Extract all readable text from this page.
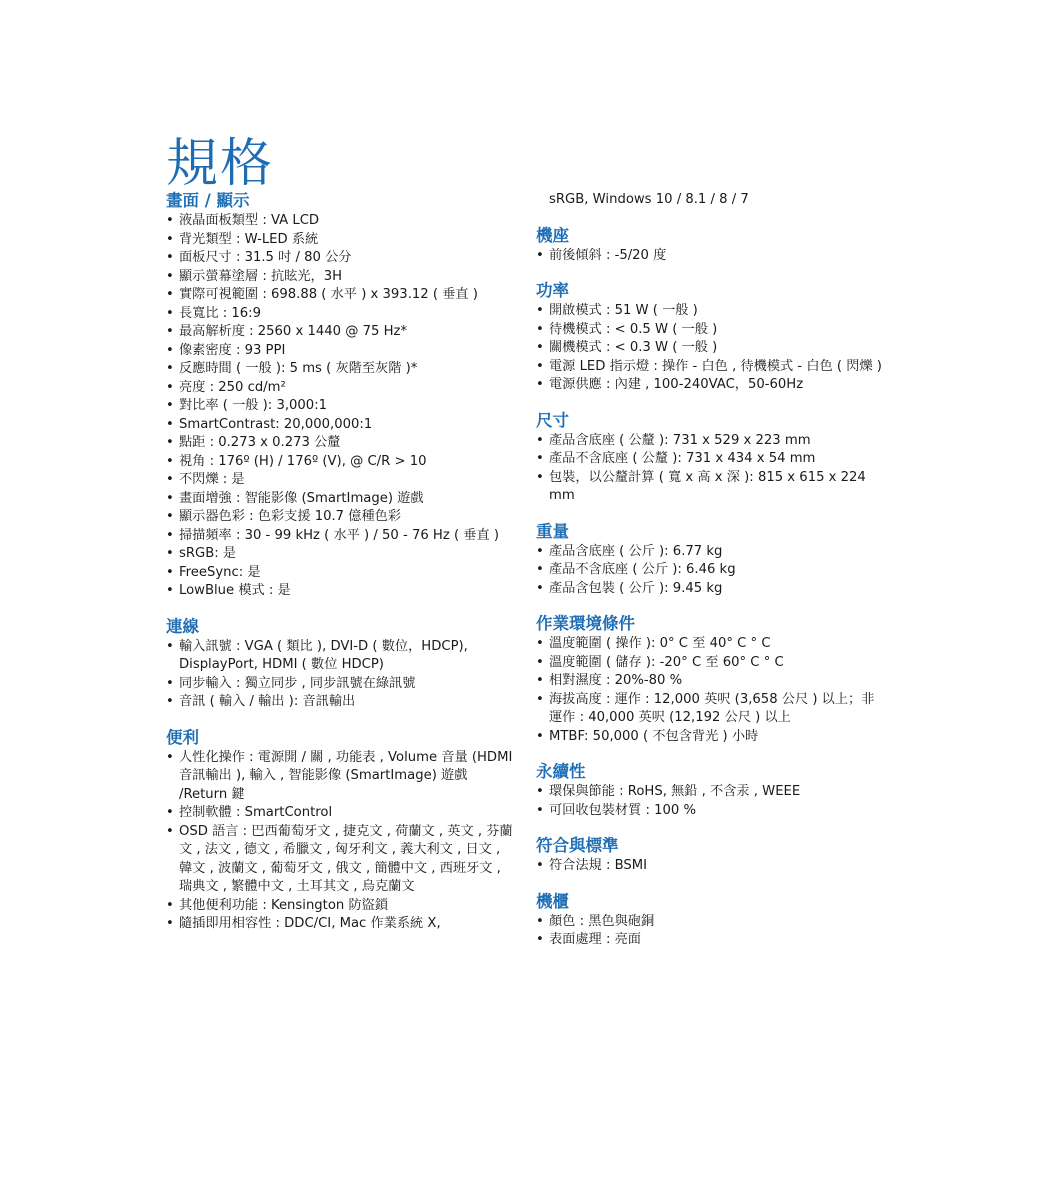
規格
畫面 / 顯示
• 液晶面板類型 : VA LCD
• 背光類型 : W-LED 系統
• 面板尺寸 : 31.5 吋 / 80 公分
• 顯示螢幕塗層 : 抗眩光，3H
• 實際可視範圍 : 698.88 ( 水平 ) x 393.12 ( 垂直 )
• 長寬比 : 16:9
• 最高解析度 : 2560 x 1440 @ 75 Hz*
• 像素密度 : 93 PPI
• 反應時間 ( 一般 ): 5 ms ( 灰階至灰階 )*
• 亮度 : 250 cd/m²
• 對比率 ( 一般 ): 3,000:1
• SmartContrast: 20,000,000:1
• 點距 : 0.273 x 0.273 公釐
• 視角 : 176º (H) / 176º (V), @ C/R > 10
• 不閃爍 : 是
• 畫面增強 : 智能影像 (SmartImage) 遊戲
• 顯示器色彩 : 色彩支援 10.7 億種色彩
• 掃描頻率 : 30 - 99 kHz ( 水平 ) / 50 - 76 Hz ( 垂直 )
• sRGB: 是
• FreeSync: 是
• LowBlue 模式 : 是
連線
• 輸入訊號 : VGA ( 類比 ), DVI-D ( 數位，HDCP), DisplayPort, HDMI ( 數位 HDCP)
• 同步輸入 : 獨立同步 , 同步訊號在綠訊號
• 音訊 ( 輸入 / 輸出 ): 音訊輸出
便利
• 人性化操作 : 電源開 / 關 , 功能表 , Volume 音量 (HDMI 音訊輸出 ), 輸入 , 智能影像 (SmartImage) 遊戲 /Return 鍵
• 控制軟體 : SmartControl
• OSD 語言 : 巴西葡萄牙文 , 捷克文 , 荷蘭文 , 英文 , 芬蘭文 , 法文 , 德文 , 希臘文 , 匈牙利文 , 義大利文 , 日文 , 韓文 , 波蘭文 , 葡萄牙文 , 俄文 , 簡體中文 , 西班牙文 , 瑞典文 , 繁體中文 , 土耳其文 , 烏克蘭文
• 其他便利功能 : Kensington 防盜鎖
• 隨插即用相容性 : DDC/CI, Mac 作業系統 X,
sRGB, Windows 10 / 8.1 / 8 / 7
機座
• 前後傾斜 : -5/20 度
功率
• 開啟模式 : 51 W ( 一般 )
• 待機模式 : < 0.5 W ( 一般 )
• 關機模式 : < 0.3 W ( 一般 )
• 電源 LED 指示燈 : 操作 - 白色 , 待機模式 - 白色 ( 閃爍 )
• 電源供應 : 內建 , 100-240VAC，50-60Hz
尺寸
• 產品含底座 ( 公釐 ): 731 x 529 x 223 mm
• 產品不含底座 ( 公釐 ): 731 x 434 x 54 mm
• 包裝，以公釐計算 ( 寬 x 高 x 深 ): 815 x 615 x 224 mm
重量
• 產品含底座 ( 公斤 ): 6.77 kg
• 產品不含底座 ( 公斤 ): 6.46 kg
• 產品含包裝 ( 公斤 ): 9.45 kg
作業環境條件
• 溫度範圍 ( 操作 ): 0° C 至 40° C ° C
• 溫度範圍 ( 儲存 ): -20° C 至 60° C ° C
• 相對濕度 : 20%-80 %
• 海拔高度 : 運作 : 12,000 英呎 (3,658 公尺 ) 以上；非運作 : 40,000 英呎 (12,192 公尺 ) 以上
• MTBF: 50,000 ( 不包含背光 ) 小時
永續性
• 環保與節能 : RoHS, 無鉛 , 不含汞 , WEEE
• 可回收包裝材質 : 100 %
符合與標準
• 符合法規 : BSMI
機櫃
• 顏色 : 黑色與砲銅
• 表面處理 : 亮面
